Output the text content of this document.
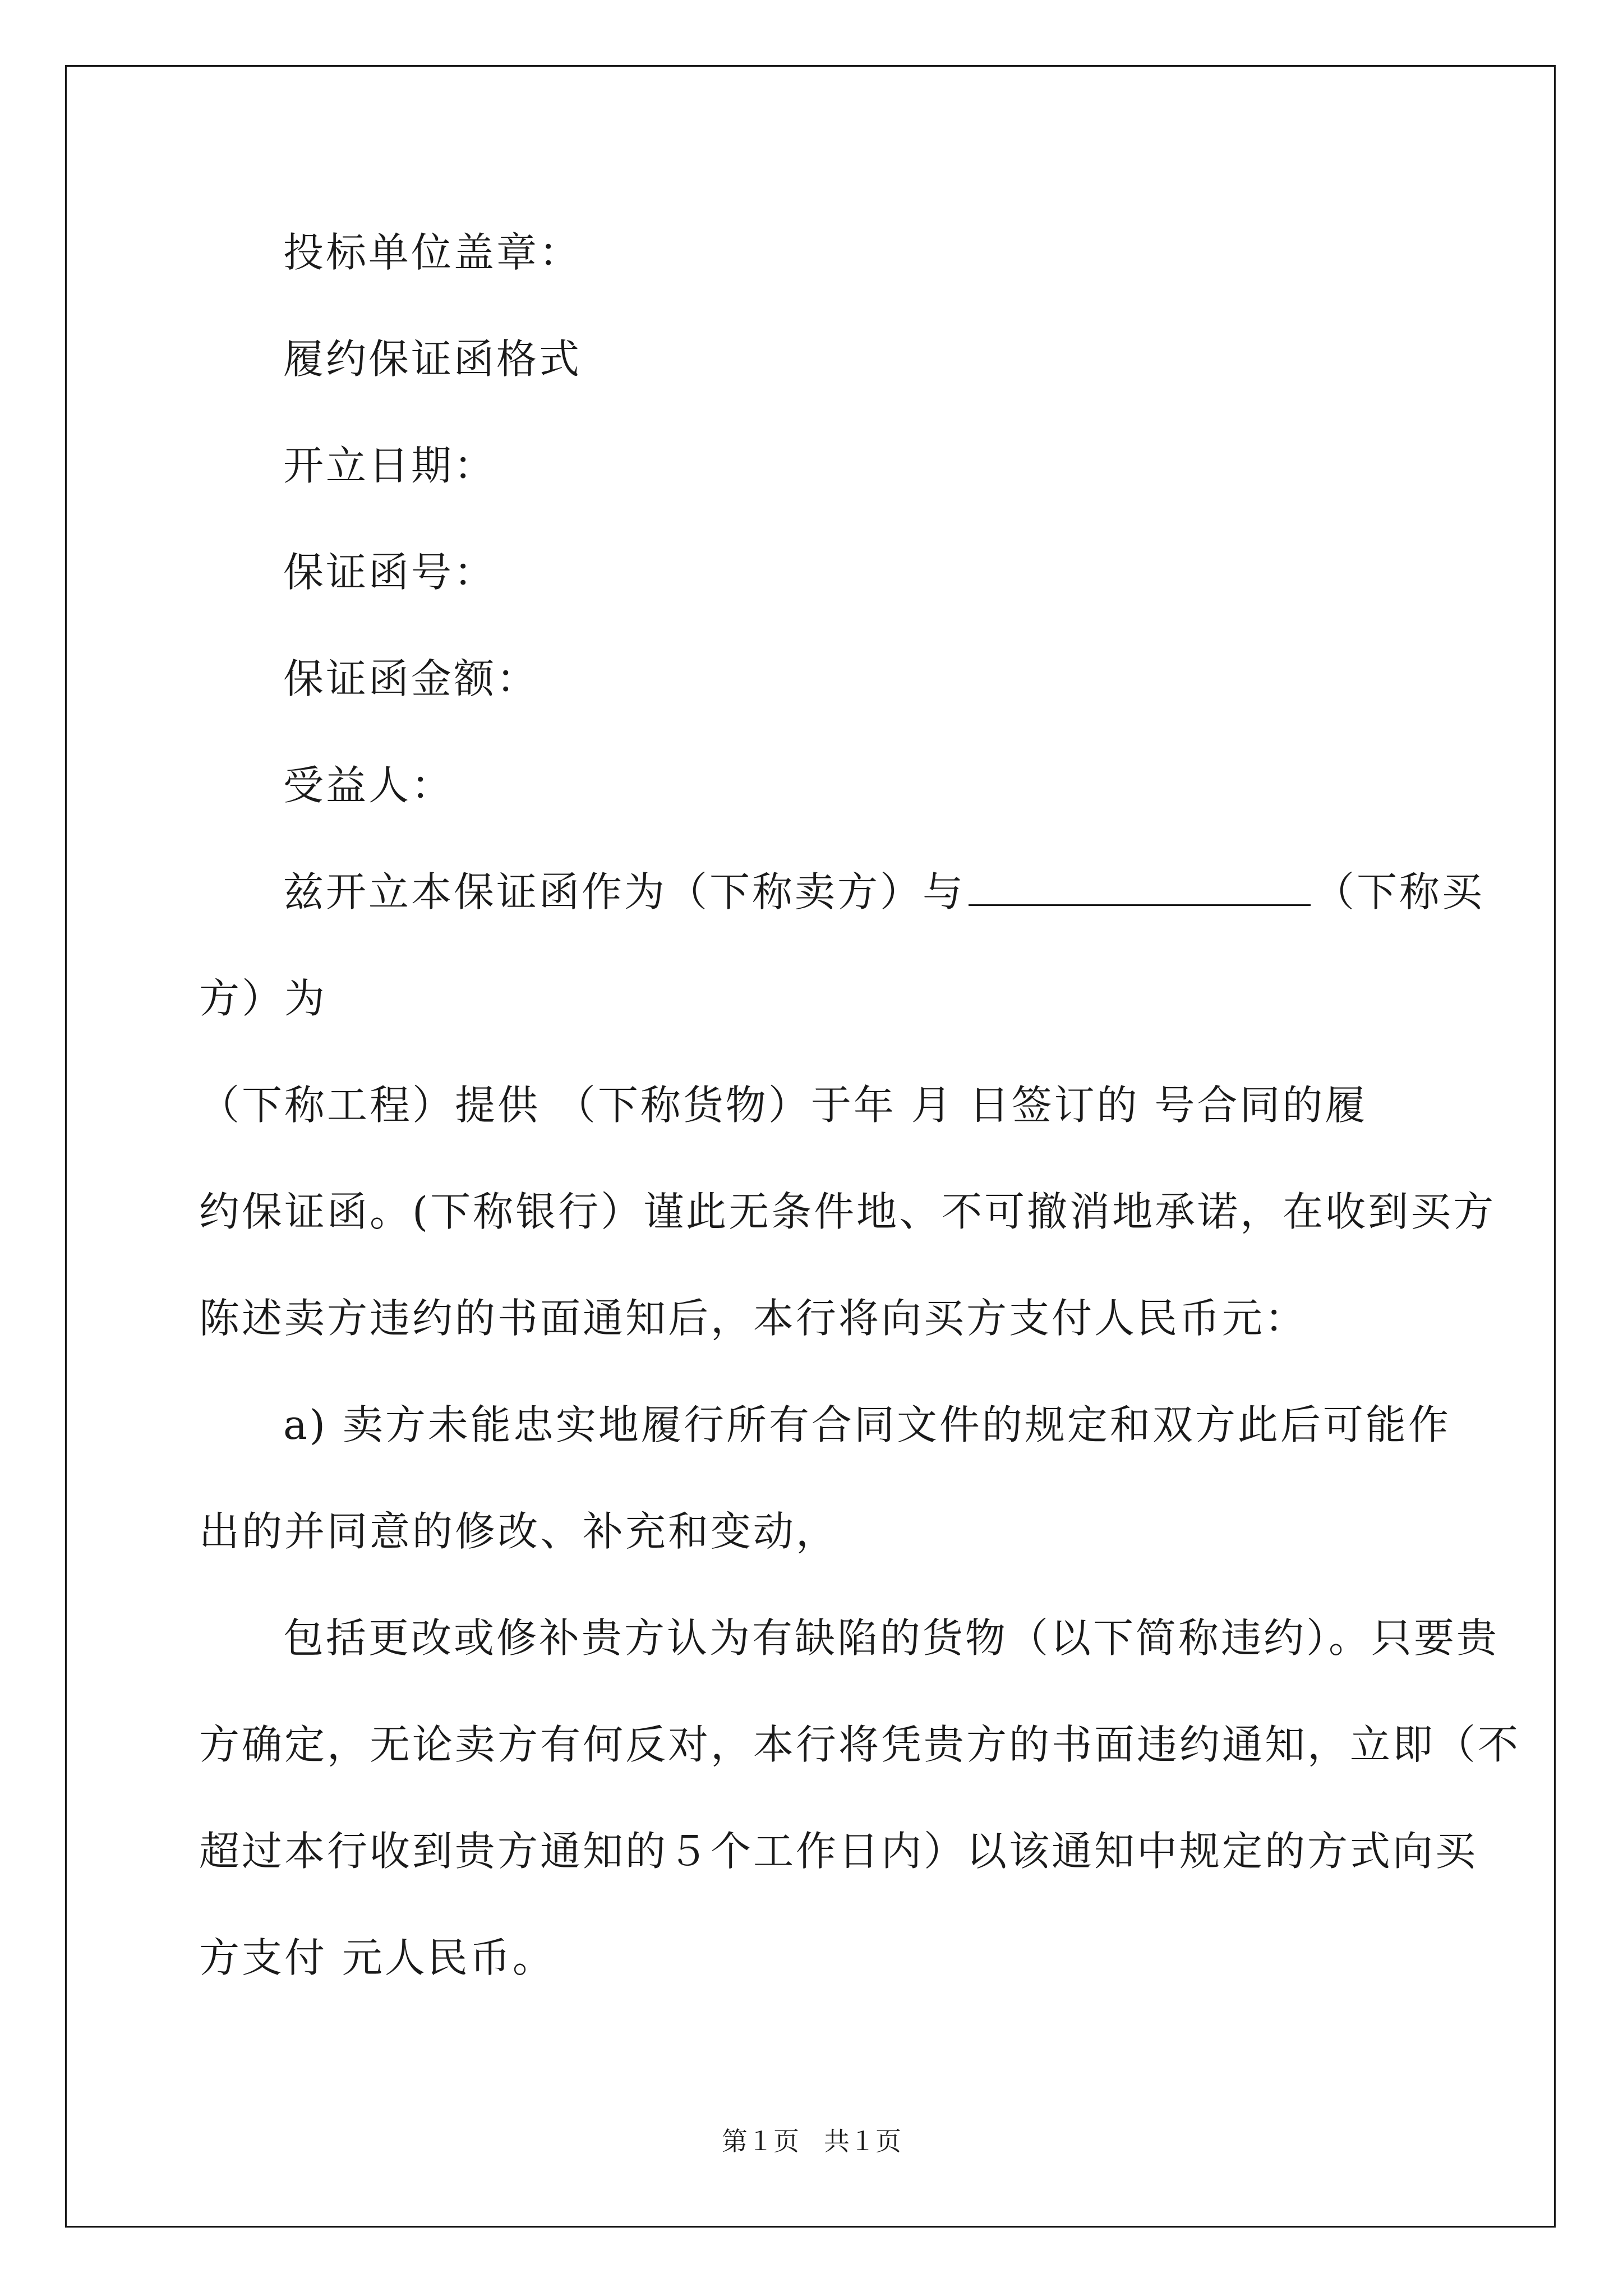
投标单位盖章：
履约保证函格式
开立日期：
保证函号：
保证函金额：
受益人：
兹开立本保证函作为（下称卖方）与	（下称买
方）为
（下称工程）提供 （下称货物）于年 月 日签订的 号合同的履
约保证函。(下称银行）谨此无条件地、不可撤消地承诺，在收到买方
陈述卖方违约的书面通知后，本行将向买方支付人民币元：
a) 卖方未能忠实地履行所有合同文件的规定和双方此后可能作
出的并同意的修改、补充和变动，
包括更改或修补贵方认为有缺陷的货物（以下简称违约）。只要贵
方确定，无论卖方有何反对，本行将凭贵方的书面违约通知，立即（不
超过本行收到贵方通知的５个工作日内）以该通知中规定的方式向买
方支付 元人民币。
第１页 共１页
